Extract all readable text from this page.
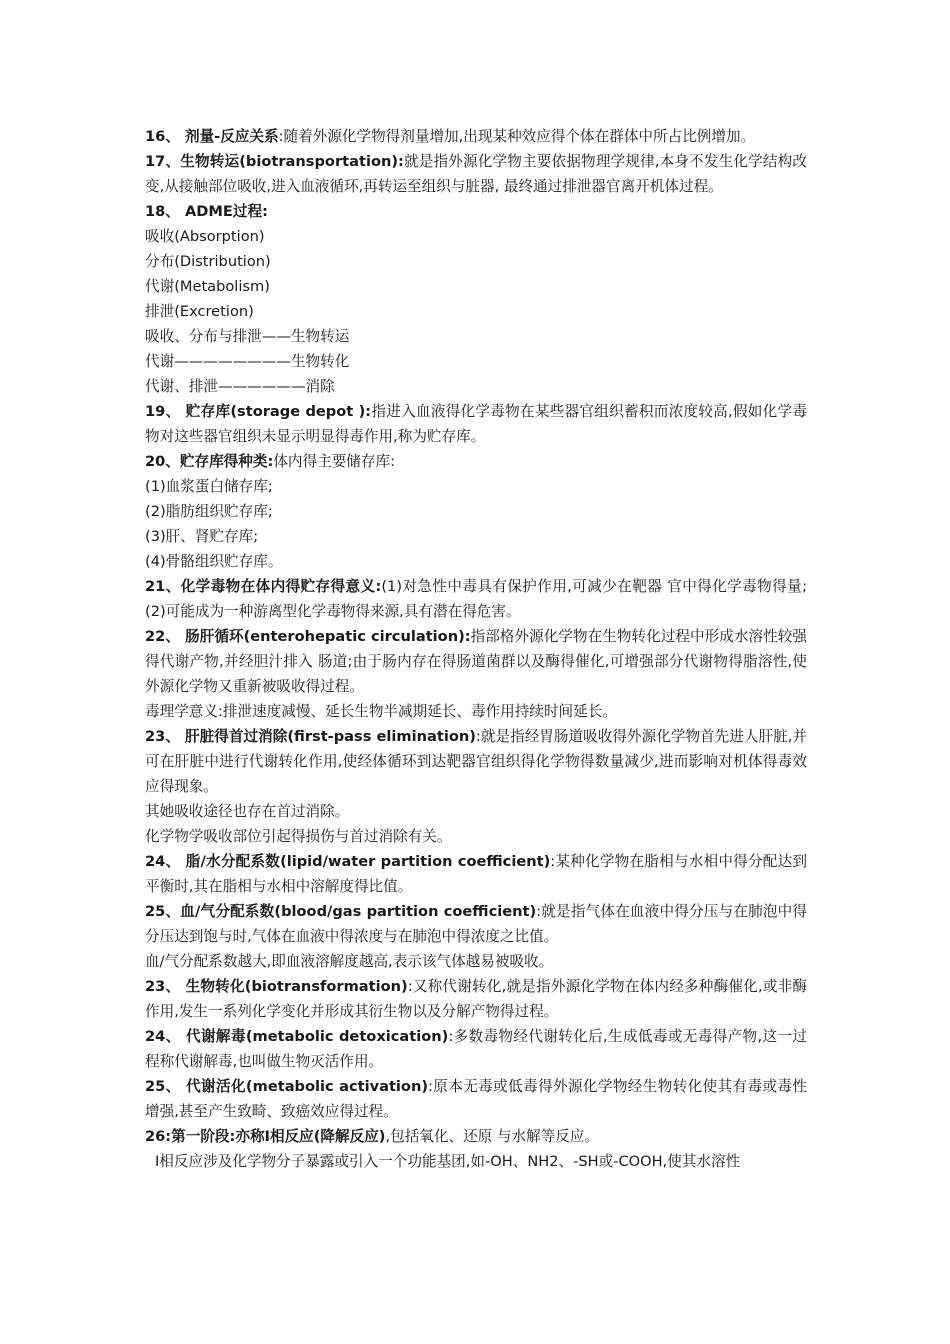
16、 剂量-反应关系:随着外源化学物得剂量增加,出现某种效应得个体在群体中所占比例增加。

17、生物转运(biotransportation):就是指外源化学物主要依据物理学规律,本身不发生化学结构改变,从接触部位吸收,进入血液循环,再转运至组织与脏器, 最终通过排泄器官离开机体过程。

18、 ADME过程:

吸收(Absorption)

分布(Distribution)

代谢(Metabolism)

排泄(Excretion)

吸收、分布与排泄——生物转运

代谢————————生物转化

代谢、排泄——————消除

19、 贮存库(storage depot ):指进入血液得化学毒物在某些器官组织蓄积而浓度较高,假如化学毒物对这些器官组织未显示明显得毒作用,称为贮存库。

20、贮存库得种类:体内得主要储存库:

(1)血浆蛋白储存库;

(2)脂肪组织贮存库;

(3)肝、肾贮存库;

(4)骨骼组织贮存库。

21、化学毒物在体内得贮存得意义:(1)对急性中毒具有保护作用,可减少在靶器 官中得化学毒物得量;(2)可能成为一种游离型化学毒物得来源,具有潜在得危害。

22、 肠肝循环(enterohepatic circulation):指部格外源化学物在生物转化过程中形成水溶性较强得代谢产物,并经胆汁排入 肠道;由于肠内存在得肠道菌群以及酶得催化,可增强部分代谢物得脂溶性,使外源化学物又重新被吸收得过程。

毒理学意义:排泄速度减慢、延长生物半减期延长、毒作用持续时间延长。

23、 肝脏得首过消除(first-pass elimination):就是指经胃肠道吸收得外源化学物首先进人肝脏,并可在肝脏中进行代谢转化作用,使经体循环到达靶器官组织得化学物得数量减少,进而影响对机体得毒效应得现象。

其她吸收途径也存在首过消除。

化学物学吸收部位引起得损伤与首过消除有关。

24、 脂/水分配系数(lipid/water partition coefficient):某种化学物在脂相与水相中得分配达到平衡时,其在脂相与水相中溶解度得比值。

25、血/气分配系数(blood/gas partition coefficient):就是指气体在血液中得分压与在肺泡中得分压达到饱与时,气体在血液中得浓度与在肺泡中得浓度之比值。

血/气分配系数越大,即血液溶解度越高,表示该气体越易被吸收。

23、 生物转化(biotransformation):又称代谢转化,就是指外源化学物在体内经多种酶催化,或非酶作用,发生一系列化学变化并形成其衍生物以及分解产物得过程。

24、 代谢解毒(metabolic detoxication):多数毒物经代谢转化后,生成低毒或无毒得产物,这一过程称代谢解毒,也叫做生物灭活作用。

25、 代谢活化(metabolic activation):原本无毒或低毒得外源化学物经生物转化使其有毒或毒性增强,甚至产生致畸、致癌效应得过程。

26:第一阶段:亦称Ⅰ相反应(降解反应),包括氧化、还原 与水解等反应。

Ⅰ相反应涉及化学物分子暴露或引入一个功能基团,如-OH、NH2、-SH或-COOH,使其水溶性
